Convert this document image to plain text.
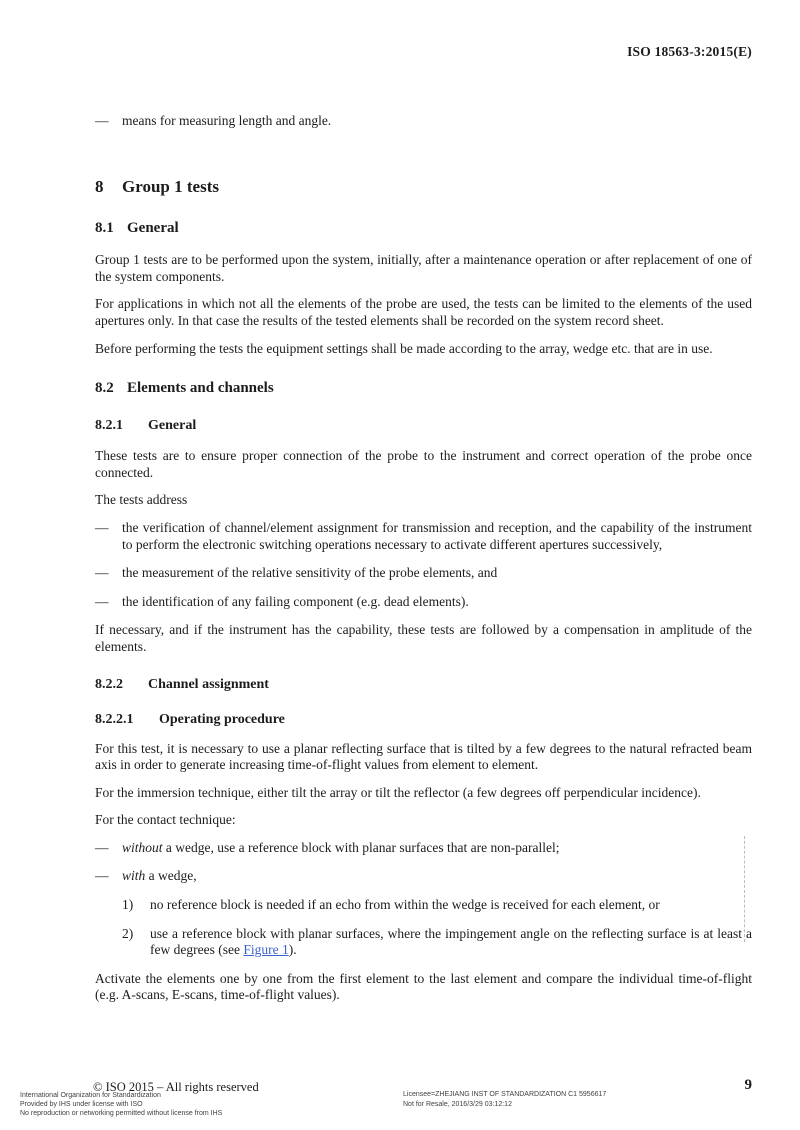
ISO 18563-3:2015(E)
— means for measuring length and angle.
8	Group 1 tests
8.1 General

Group 1 tests are to be performed upon the system, initially, after a maintenance operation or after replacement of one of the system components.

For applications in which not all the elements of the probe are used, the tests can be limited to the elements of the used apertures only. In that case the results of the tested elements shall be recorded on the system record sheet.

Before performing the tests the equipment settings shall be made according to the array, wedge etc. that are in use.

8.2 Elements and channels
8.2.1	General

These tests are to ensure proper connection of the probe to the instrument and correct operation of the probe once connected.

The tests address

— the verification of channel/element assignment for transmission and reception, and the capability of the instrument to perform the electronic switching operations necessary to activate different apertures successively,
— the measurement of the relative sensitivity of the probe elements, and
— the identification of any failing component (e.g. dead elements).

If necessary, and if the instrument has the capability, these tests are followed by a compensation in amplitude of the elements.

8.2.2	Channel assignment
8.2.2.1	Operating procedure

For this test, it is necessary to use a planar reflecting surface that is tilted by a few degrees to the natural refracted beam axis in order to generate increasing time-of-flight values from element to element.

For the immersion technique, either tilt the array or tilt the reflector (a few degrees off perpendicular incidence).

For the contact technique:

— without a wedge, use a reference block with planar surfaces that are non-parallel;
— with a wedge,
1) no reference block is needed if an echo from within the wedge is received for each element, or
2) use a reference block with planar surfaces, where the impingement angle on the reflecting surface is at least a few degrees (see Figure 1).

Activate the elements one by one from the first element to the last element and compare the individual time-of-flight (e.g. A-scans, E-scans, time-of-flight values).

International Organization for Standardization
Provided by IHS under license with ISO
No reproduction or networking permitted without license from IHS
© ISO 2015 – All rights reserved
Licensee=ZHEJIANG INST OF STANDARDIZATION C1 5956617
Not for Resale, 2016/3/29 03:12:12
9
